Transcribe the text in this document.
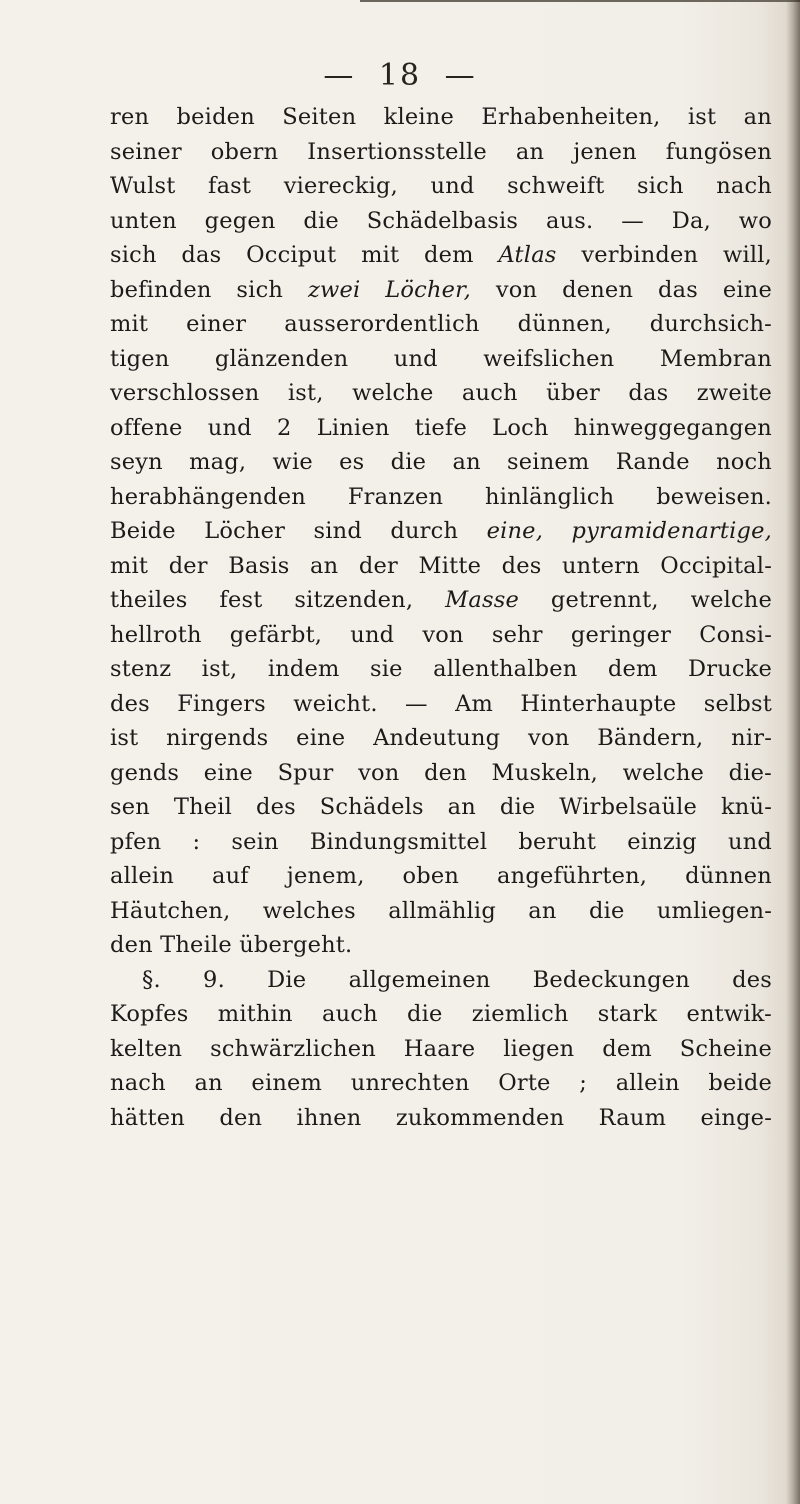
— 18 —
ren beiden Seiten kleine Erhabenheiten, ist an
seiner obern Insertionsstelle an jenen fungösen
Wulst fast viereckig, und schweift sich nach
unten gegen die Schädelbasis aus. — Da, wo
sich das Occiput mit dem Atlas verbinden will,
befinden sich zwei Löcher, von denen das eine
mit einer ausserordentlich dünnen, durchsich-
tigen glänzenden und weifslichen Membran
verschlossen ist, welche auch über das zweite
offene und 2 Linien tiefe Loch hinweggegangen
seyn mag, wie es die an seinem Rande noch
herabhängenden Franzen hinlänglich beweisen.
Beide Löcher sind durch eine, pyramidenartige,
mit der Basis an der Mitte des untern Occipital-
theiles fest sitzenden, Masse getrennt, welche
hellroth gefärbt, und von sehr geringer Consi-
stenz ist, indem sie allenthalben dem Drucke
des Fingers weicht. — Am Hinterhaupte selbst
ist nirgends eine Andeutung von Bändern, nir-
gends eine Spur von den Muskeln, welche die-
sen Theil des Schädels an die Wirbelsaüle knü-
pfen : sein Bindungsmittel beruht einzig und
allein auf jenem, oben angeführten, dünnen
Häutchen, welches allmählig an die umliegen-
den Theile übergeht.
§. 9. Die allgemeinen Bedeckungen des
Kopfes mithin auch die ziemlich stark entwik-
kelten schwärzlichen Haare liegen dem Scheine
nach an einem unrechten Orte ; allein beide
hätten den ihnen zukommenden Raum einge-
